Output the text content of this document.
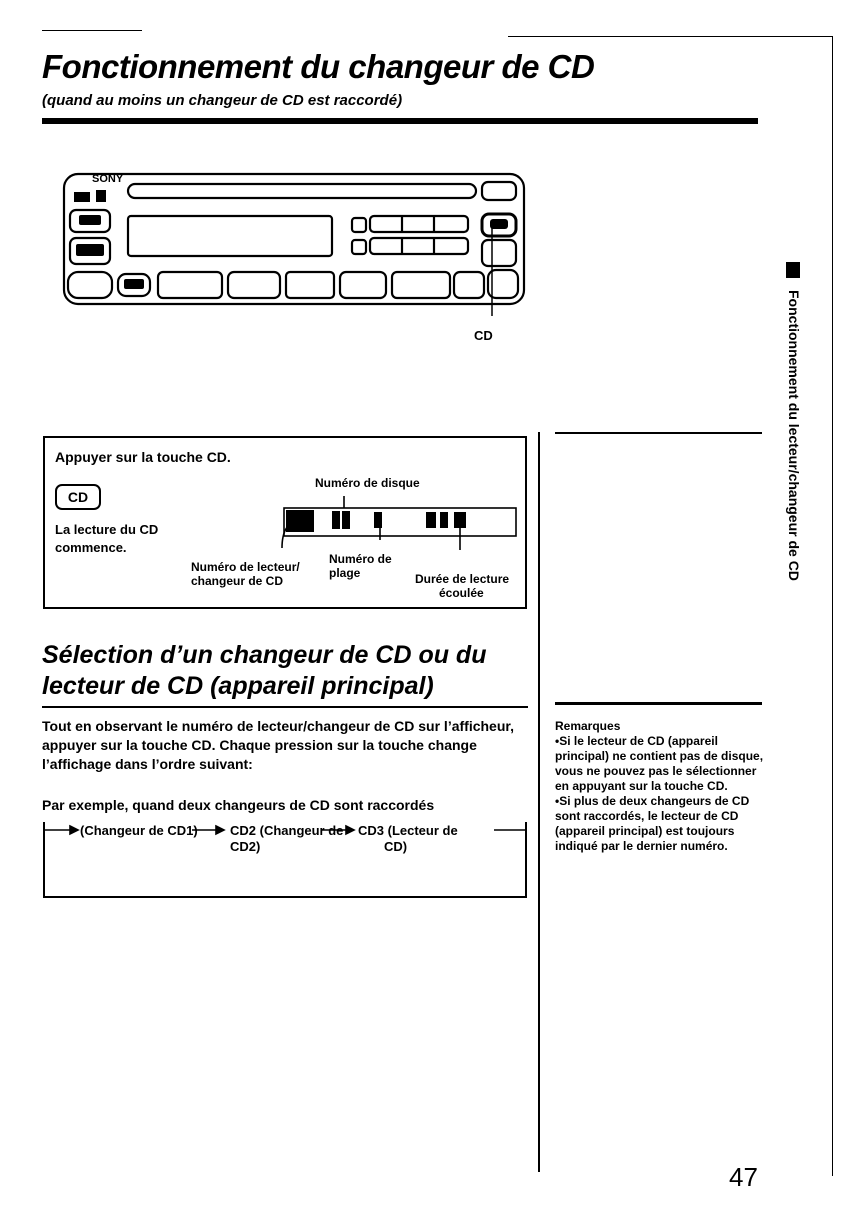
Fonctionnement du changeur de CD
(quand au moins un changeur de CD est raccordé)
SONY
CD
Appuyer sur la touche CD.
CD
La lecture du CD
commence.
Numéro de disque
Numéro de lecteur/
changeur de CD
Numéro de
plage	Durée de lecture
écoulée
Sélection d’un changeur de CD ou du
lecteur de CD (appareil principal)
Tout en observant le numéro de lecteur/changeur de CD sur l’afficheur, appuyer sur la touche CD. Chaque pression sur la touche change l’affichage dans l’ordre suivant:
Par exemple, quand deux changeurs de CD sont raccordés
(Changeur de CD1) CD2 (Changeur de
CD2)
CD3 (Lecteur de
CD)

Remarques

•Si le lecteur de CD (appareil principal) ne contient pas de disque, vous ne pouvez pas le sélectionner en appuyant sur la touche CD.

•Si plus de deux changeurs de CD sont raccordés, le lecteur de CD (appareil principal) est toujours indiqué par le dernier numéro.

Fonctionnement du lecteur/changeur de CD
47
